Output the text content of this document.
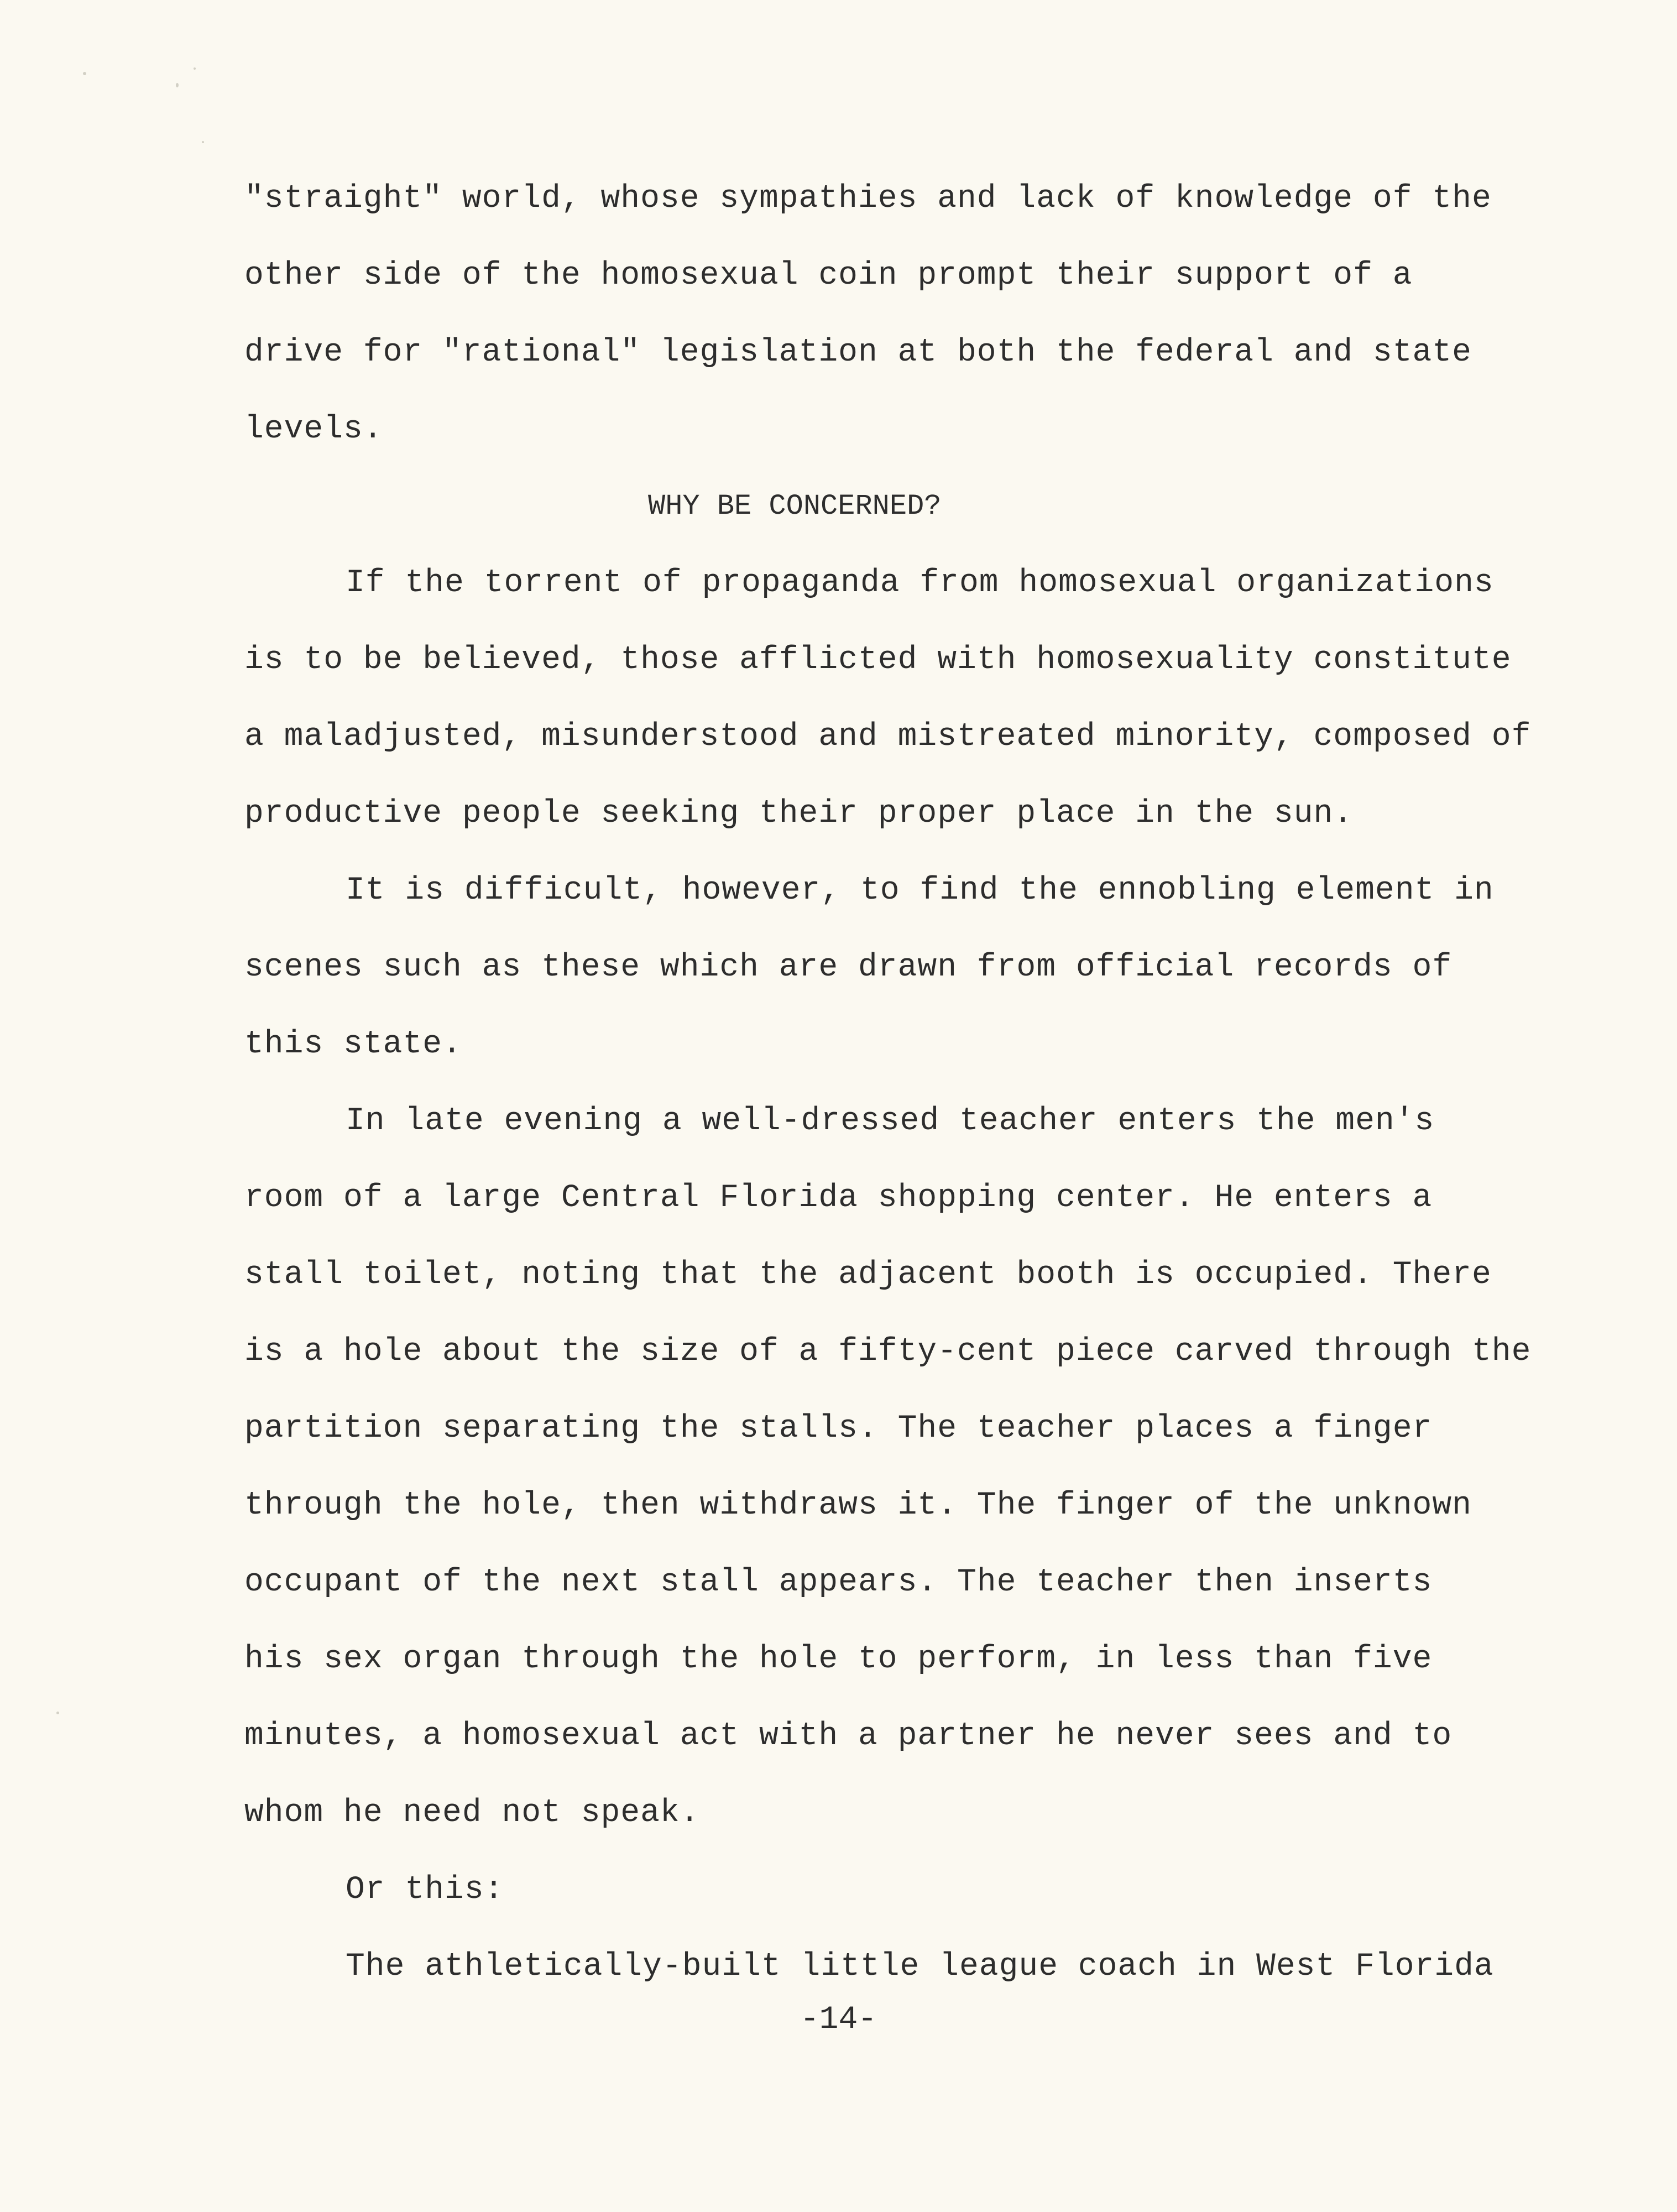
"straight" world, whose sympathies and lack of knowledge of the
other side of the homosexual coin prompt their support of a
drive for "rational" legislation at both the federal and state
levels.
WHY BE CONCERNED?
If the torrent of propaganda from homosexual organizations
is to be believed, those afflicted with homosexuality constitute
a maladjusted, misunderstood and mistreated minority, composed of
productive people seeking their proper place in the sun.
It is difficult, however, to find the ennobling element in
scenes such as these which are drawn from official records of
this state.
In late evening a well-dressed teacher enters the men's
room of a large Central Florida shopping center. He enters a
stall toilet, noting that the adjacent booth is occupied. There
is a hole about the size of a fifty-cent piece carved through the
partition separating the stalls. The teacher places a finger
through the hole, then withdraws it. The finger of the unknown
occupant of the next stall appears. The teacher then inserts
his sex organ through the hole to perform, in less than five
minutes, a homosexual act with a partner he never sees and to
whom he need not speak.
Or this:
The athletically-built little league coach in West Florida
-14-
